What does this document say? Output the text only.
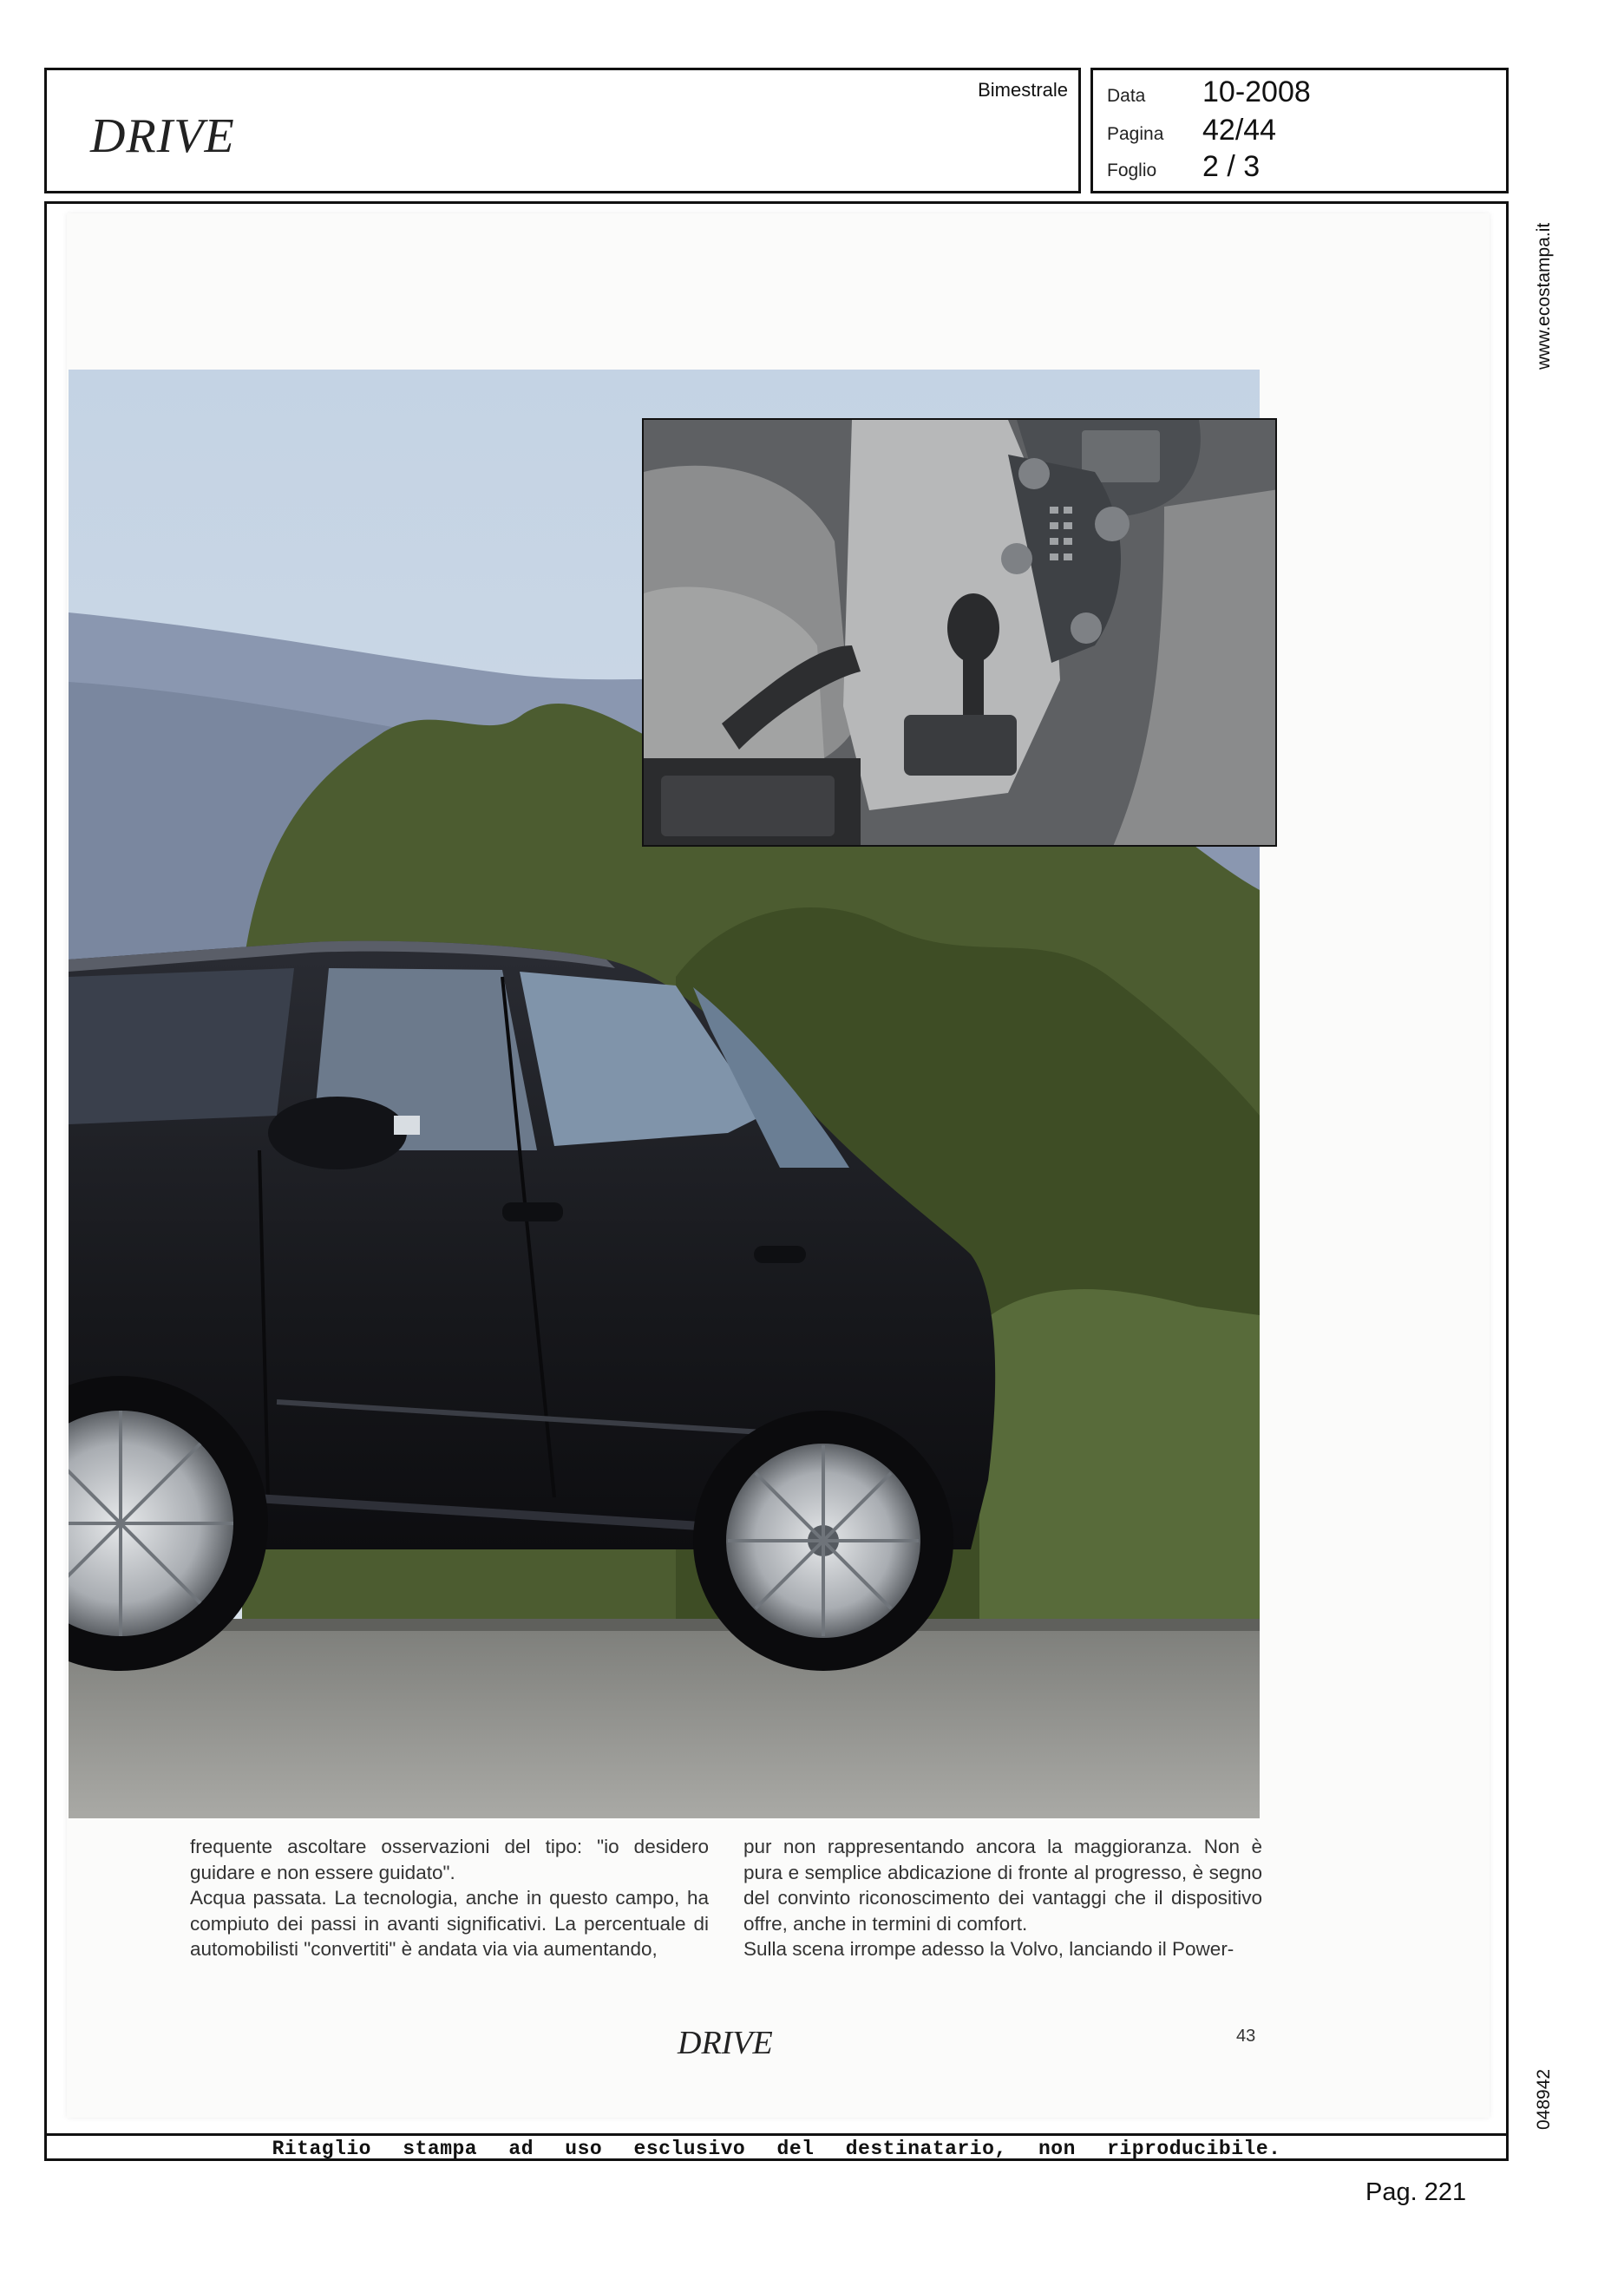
DRIVE
Bimestrale Data	10-2008
Pagina	42/44
Foglio	2 / 3

frequente ascoltare osservazioni del tipo: "io desidero guidare e non essere guidato".

Acqua passata. La tecnologia, anche in questo campo, ha compiuto dei passi in avanti significativi. La percentuale di automobilisti "convertiti" è andata via via aumentando,

pur non rappresentando ancora la maggioranza. Non è pura e semplice abdicazione di fronte al progresso, è segno del convinto riconoscimento dei vantaggi che il dispositivo offre, anche in termini di comfort.

Sulla scena irrompe adesso la Volvo, lanciando il Power-

DRIVE	43
www.ecostampa.it
048942
Ritaglio stampa ad uso esclusivo del destinatario, non riproducibile.
Pag. 221
